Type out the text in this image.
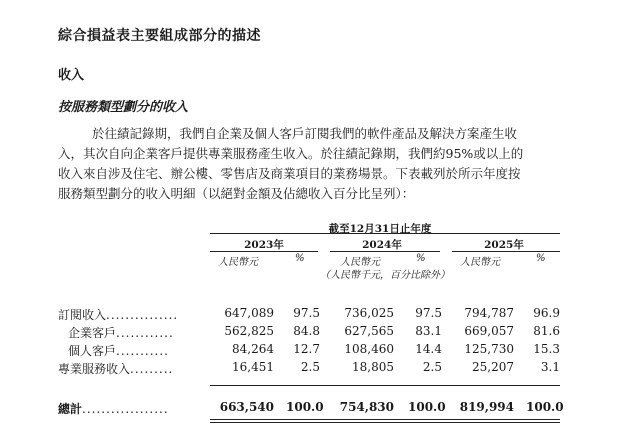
綜合損益表主要組成部分的描述
收入
按服務類型劃分的收入
於往績記錄期，我們自企業及個人客戶訂閱我們的軟件產品及解決方案產生收
入，其次自向企業客戶提供專業服務產生收入。於往績記錄期，我們約95%或以上的
收入來自涉及住宅、辦公樓、零售店及商業項目的業務場景。下表載列於所示年度按
服務類型劃分的收入明細（以絕對金額及佔總收入百分比呈列）：
截至12月31日止年度
2023年	2024年	2025年
人民幣元	%	人民幣元	%	人民幣元	%
（人民幣千元，百分比除外）
訂閱收入...............	647,089	97.5	736,025	97.5	794,787	96.9
企業客戶............	562,825	84.8	627,565	83.1	669,057	81.6
個人客戶...........	84,264	12.7	108,460	14.4	125,730	15.3
專業服務收入.........	16,451	2.5	18,805	2.5	25,207	3.1
總計..................	663,540 100.0	754,830 100.0	819,994 100.0
